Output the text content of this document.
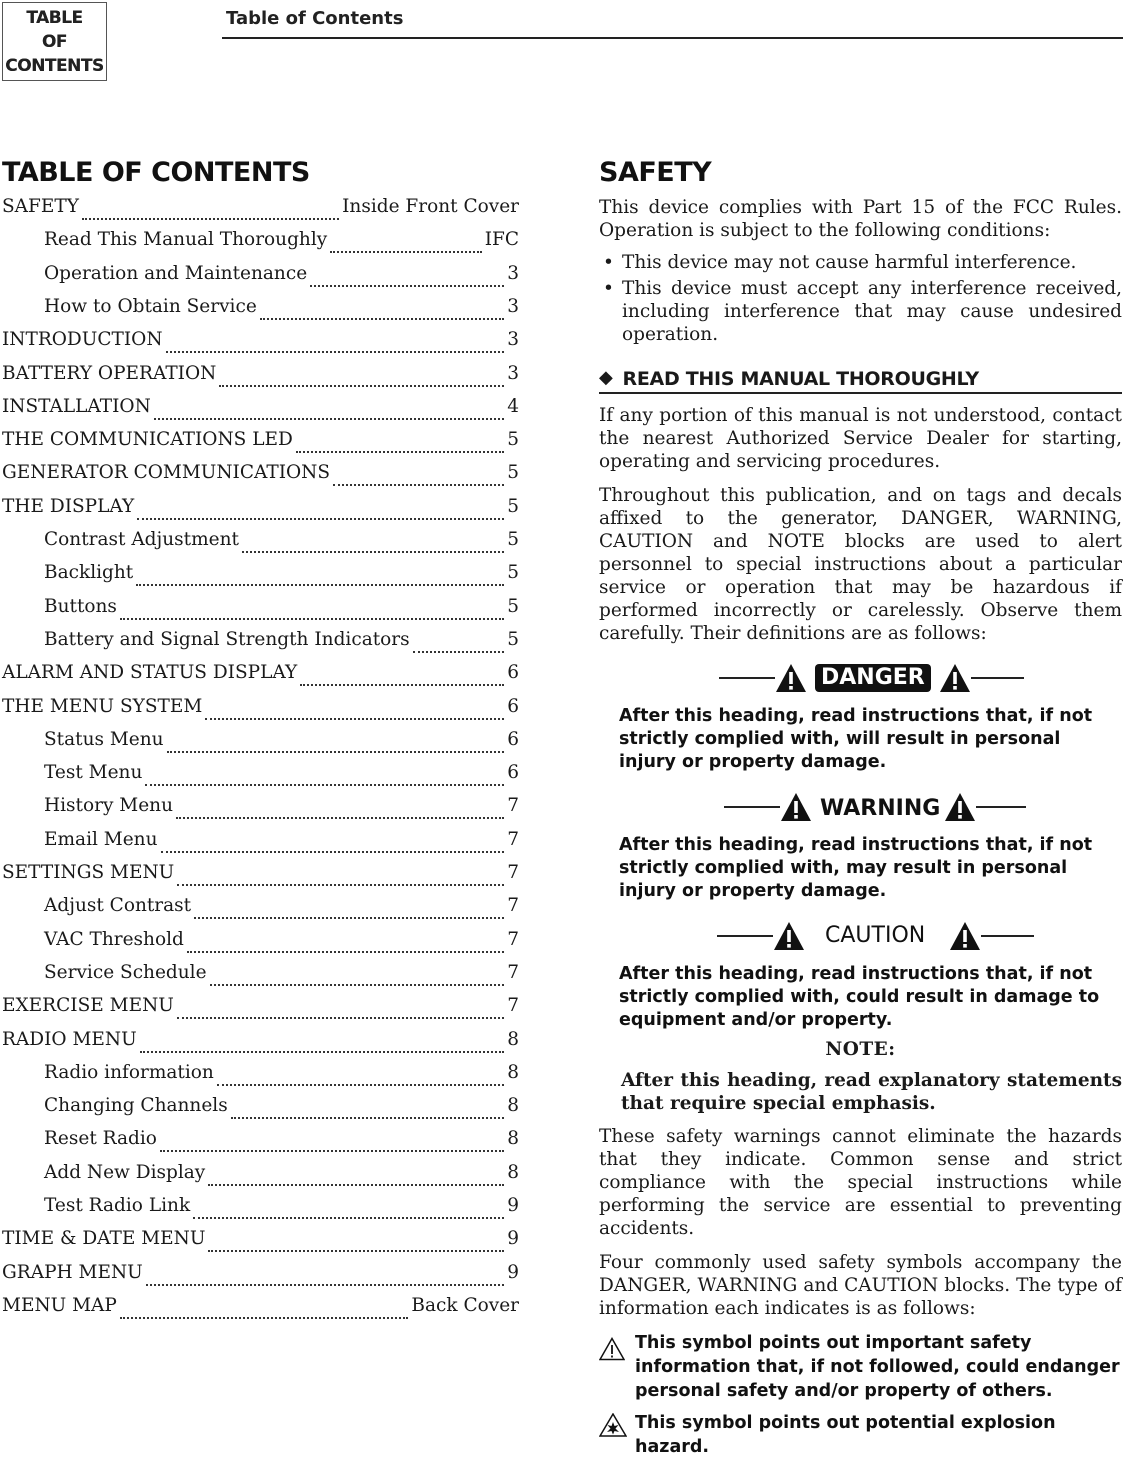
TABLE
OF
CONTENTS
Table of Contents
TABLE OF CONTENTS
SAFETY	Inside Front Cover
Read This Manual Thoroughly	IFC
Operation and Maintenance	3
How to Obtain Service	3
INTRODUCTION	3
BATTERY OPERATION	3
INSTALLATION	4
THE COMMUNICATIONS LED	5
GENERATOR COMMUNICATIONS	5
THE DISPLAY	5
Contrast Adjustment	5
Backlight	5
Buttons	5
Battery and Signal Strength Indicators	5
ALARM AND STATUS DISPLAY	6
THE MENU SYSTEM	6
Status Menu	6
Test Menu	6
History Menu	7
Email Menu	7
SETTINGS MENU	7
Adjust Contrast	7
VAC Threshold	7
Service Schedule	7
EXERCISE MENU	7
RADIO MENU	8
Radio information	8
Changing Channels	8
Reset Radio	8
Add New Display	8
Test Radio Link	9
TIME & DATE MENU	9
GRAPH MENU	9
MENU MAP	Back Cover
SAFETY

This device complies with Part 15 of the FCC Rules. Operation is subject to the following conditions:

• This device may not cause harmful interference.
• This device must accept any interference received, including interference that may cause undesired operation.
◆ READ THIS MANUAL THOROUGHLY

If any portion of this manual is not understood, contact the nearest Authorized Service Dealer for starting, operating and servicing procedures.

Throughout this publication, and on tags and decals affixed to the generator, DANGER, WARNING, CAUTION and NOTE blocks are used to alert personnel to special instructions about a particular service or operation that may be hazardous if performed incorrectly or carelessly. Observe them carefully. Their definitions are as follows:

DANGER

After this heading, read instructions that, if not strictly complied with, will result in personal injury or property damage.

WARNING

After this heading, read instructions that, if not strictly complied with, may result in personal injury or property damage.

CAUTION

After this heading, read instructions that, if not strictly complied with, could result in damage to equipment and/or property.

NOTE:

After this heading, read explanatory statements that require special emphasis.

These safety warnings cannot eliminate the hazards that they indicate. Common sense and strict compliance with the special instructions while performing the service are essential to preventing accidents.

Four commonly used safety symbols accompany the DANGER, WARNING and CAUTION blocks. The type of information each indicates is as follows:

This symbol points out important safety information that, if not followed, could endanger personal safety and/or property of others.
This symbol points out potential explosion hazard.
